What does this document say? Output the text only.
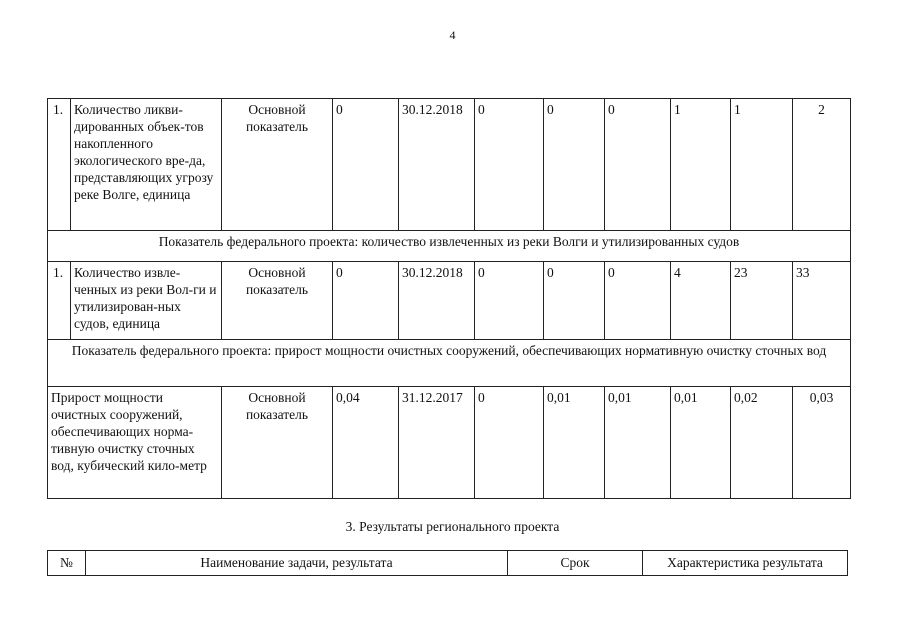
4
1.	Количество ликви-дированных объек-тов накопленного экологического вре-да, представляющих угрозу реке Волге, единица	Основной показатель	0	30.12.2018	0	0	0	1	1	2
Показатель федерального проекта: количество извлеченных из реки Волги и утилизированных судов										
1.	Количество извле-ченных из реки Вол-ги и утилизирован-ных судов, единица	Основной показатель	0	30.12.2018	0	0	0	4	23	33
Показатель федерального проекта: прирост мощности очистных сооружений, обеспечивающих нормативную очистку сточных вод										
Прирост мощности очистных сооружений, обеспечивающих норма-тивную очистку сточных вод, кубический кило-метр		Основной показатель	0,04	31.12.2017	0	0,01	0,01	0,01	0,02	0,03
3. Результаты регионального проекта
№	Наименование задачи, результата	Срок	Характеристика результата
